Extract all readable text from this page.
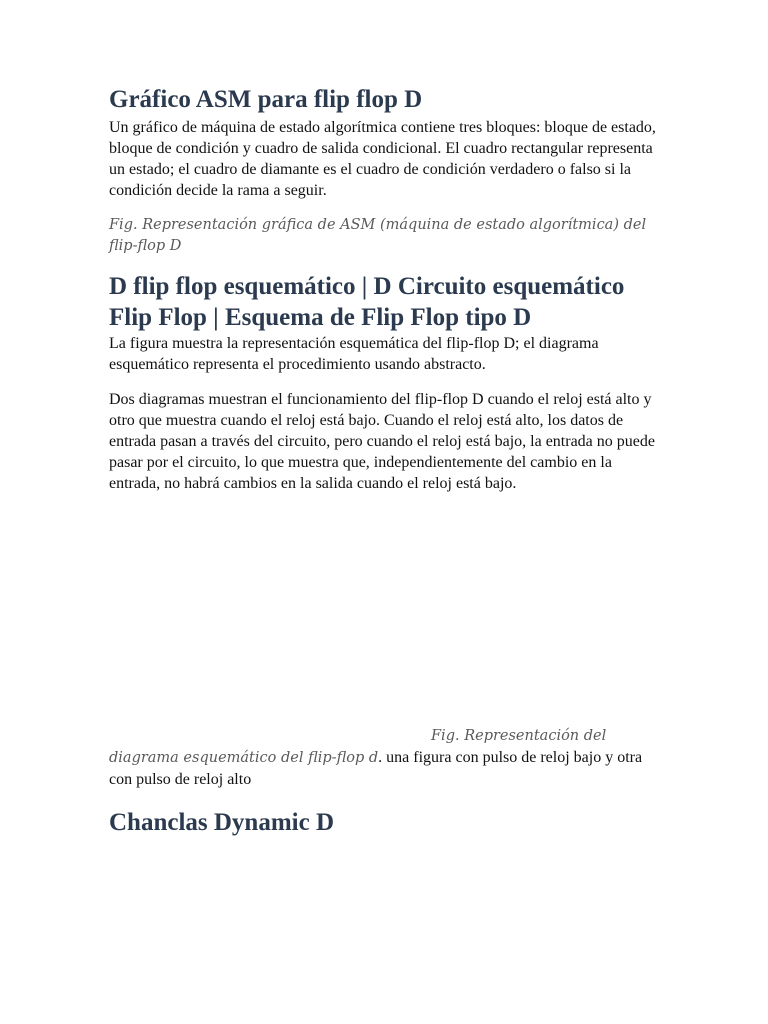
Gráfico ASM para flip flop D

Un gráfico de máquina de estado algorítmica contiene tres bloques: bloque de estado, bloque de condición y cuadro de salida condicional. El cuadro rectangular representa un estado; el cuadro de diamante es el cuadro de condición verdadero o falso si la condición decide la rama a seguir.

Fig. Representación gráfica de ASM (máquina de estado algorítmica) del flip-flop D

D flip flop esquemático | D Circuito esquemático Flip Flop | Esquema de Flip Flop tipo D

La figura muestra la representación esquemática del flip-flop D; el diagrama esquemático representa el procedimiento usando abstracto.

Dos diagramas muestran el funcionamiento del flip-flop D cuando el reloj está alto y otro que muestra cuando el reloj está bajo. Cuando el reloj está alto, los datos de entrada pasan a través del circuito, pero cuando el reloj está bajo, la entrada no puede pasar por el circuito, lo que muestra que, independientemente del cambio en la entrada, no habrá cambios en la salida cuando el reloj está bajo.

Fig. Representación del
diagrama esquemático del flip-flop d. una figura con pulso de reloj bajo y otra con pulso de reloj alto

Chanclas Dynamic D
